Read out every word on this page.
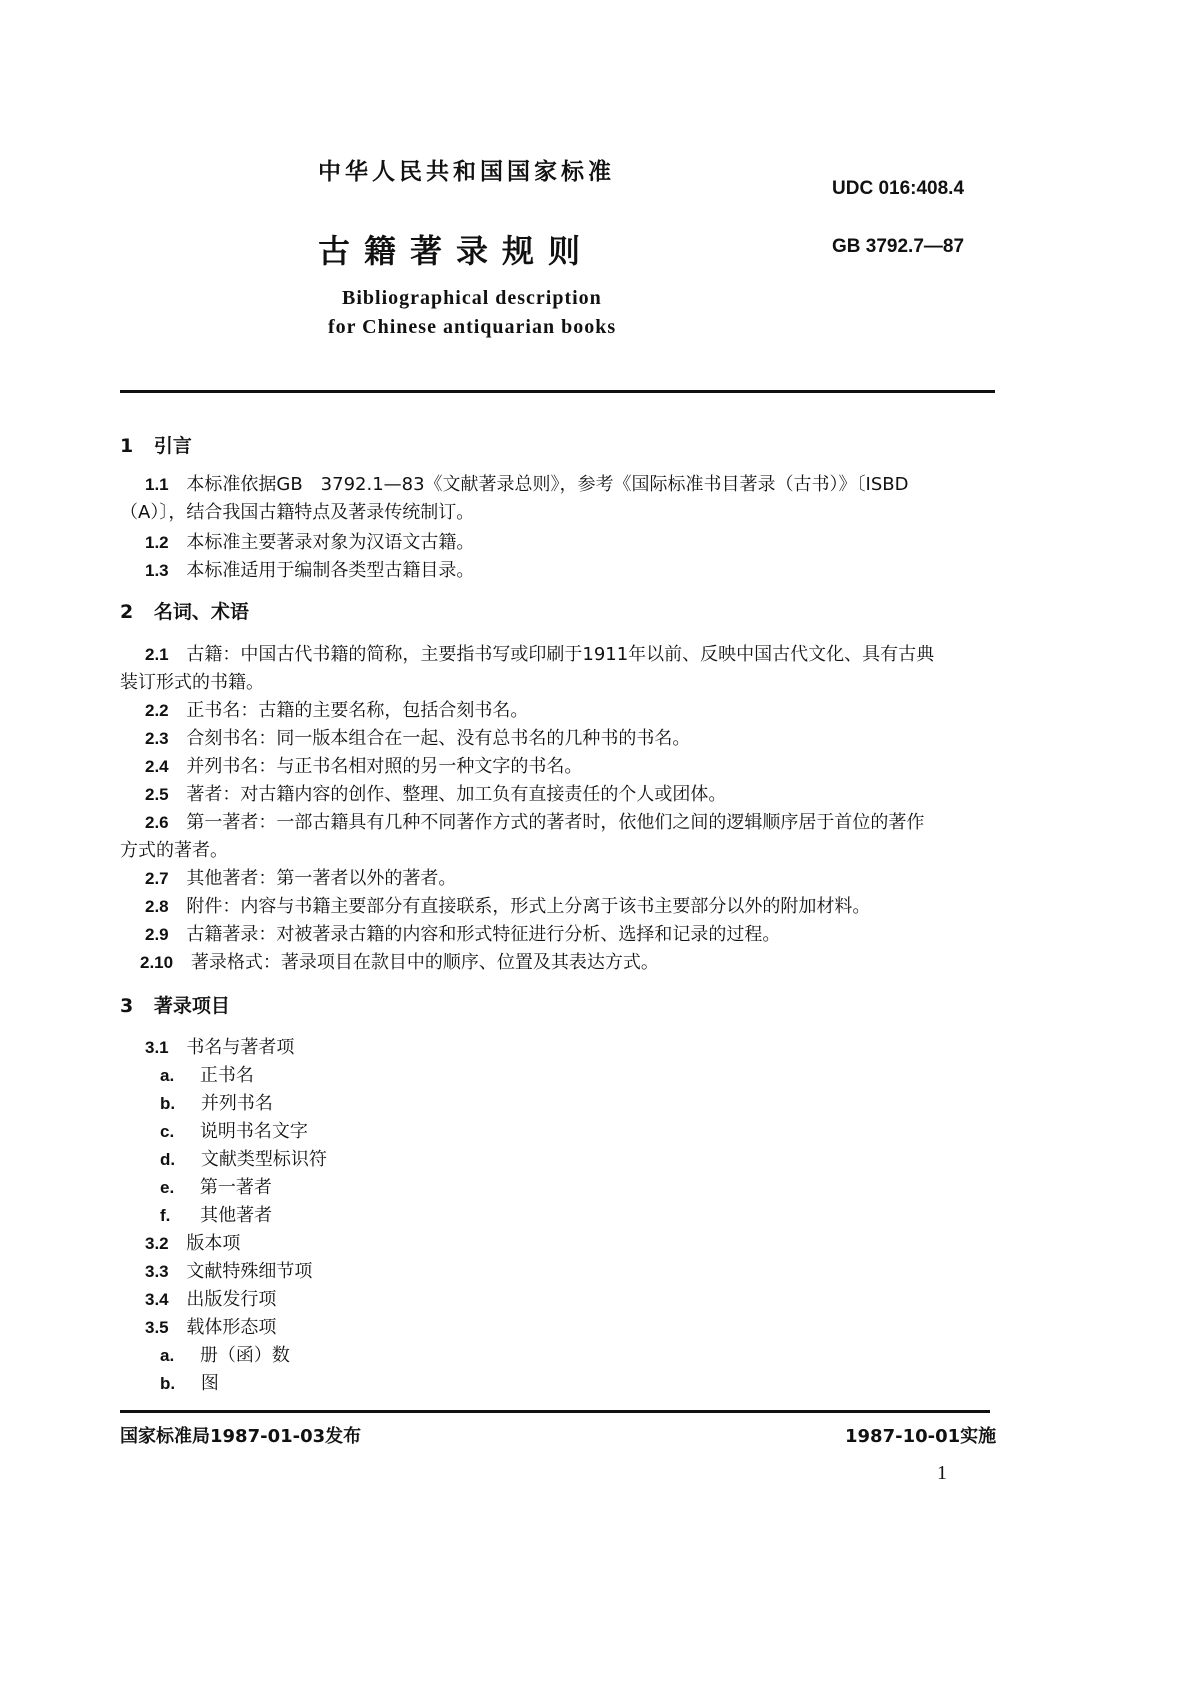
中华人民共和国国家标准
UDC 016:408.4
古籍著录规则	GB 3792.7—87
Bibliographical description
for Chinese antiquarian books
1 引言
1.1 本标准依据GB　3792.1—83《文献著录总则》，参考《国际标准书目著录（古书）》〔ISBD
（A）〕，结合我国古籍特点及著录传统制订。
1.2 本标准主要著录对象为汉语文古籍。
1.3 本标准适用于编制各类型古籍目录。
2 名词、术语
2.1 古籍：中国古代书籍的简称，主要指书写或印刷于1911年以前、反映中国古代文化、具有古典
装订形式的书籍。
2.2 正书名：古籍的主要名称，包括合刻书名。
2.3 合刻书名：同一版本组合在一起、没有总书名的几种书的书名。
2.4 并列书名：与正书名相对照的另一种文字的书名。
2.5 著者：对古籍内容的创作、整理、加工负有直接责任的个人或团体。
2.6 第一著者：一部古籍具有几种不同著作方式的著者时，依他们之间的逻辑顺序居于首位的著作
方式的著者。
2.7 其他著者：第一著者以外的著者。
2.8 附件：内容与书籍主要部分有直接联系，形式上分离于该书主要部分以外的附加材料。
2.9 古籍著录：对被著录古籍的内容和形式特征进行分析、选择和记录的过程。
2.10 著录格式：著录项目在款目中的顺序、位置及其表达方式。
3 著录项目
3.1 书名与著者项
a. 正书名
b. 并列书名
c. 说明书名文字
d. 文献类型标识符
e. 第一著者
f. 其他著者
3.2 版本项
3.3 文献特殊细节项
3.4 出版发行项
3.5 载体形态项
a. 册（函）数
b. 图
国家标准局1987-01-03发布	1987-10-01实施
1
